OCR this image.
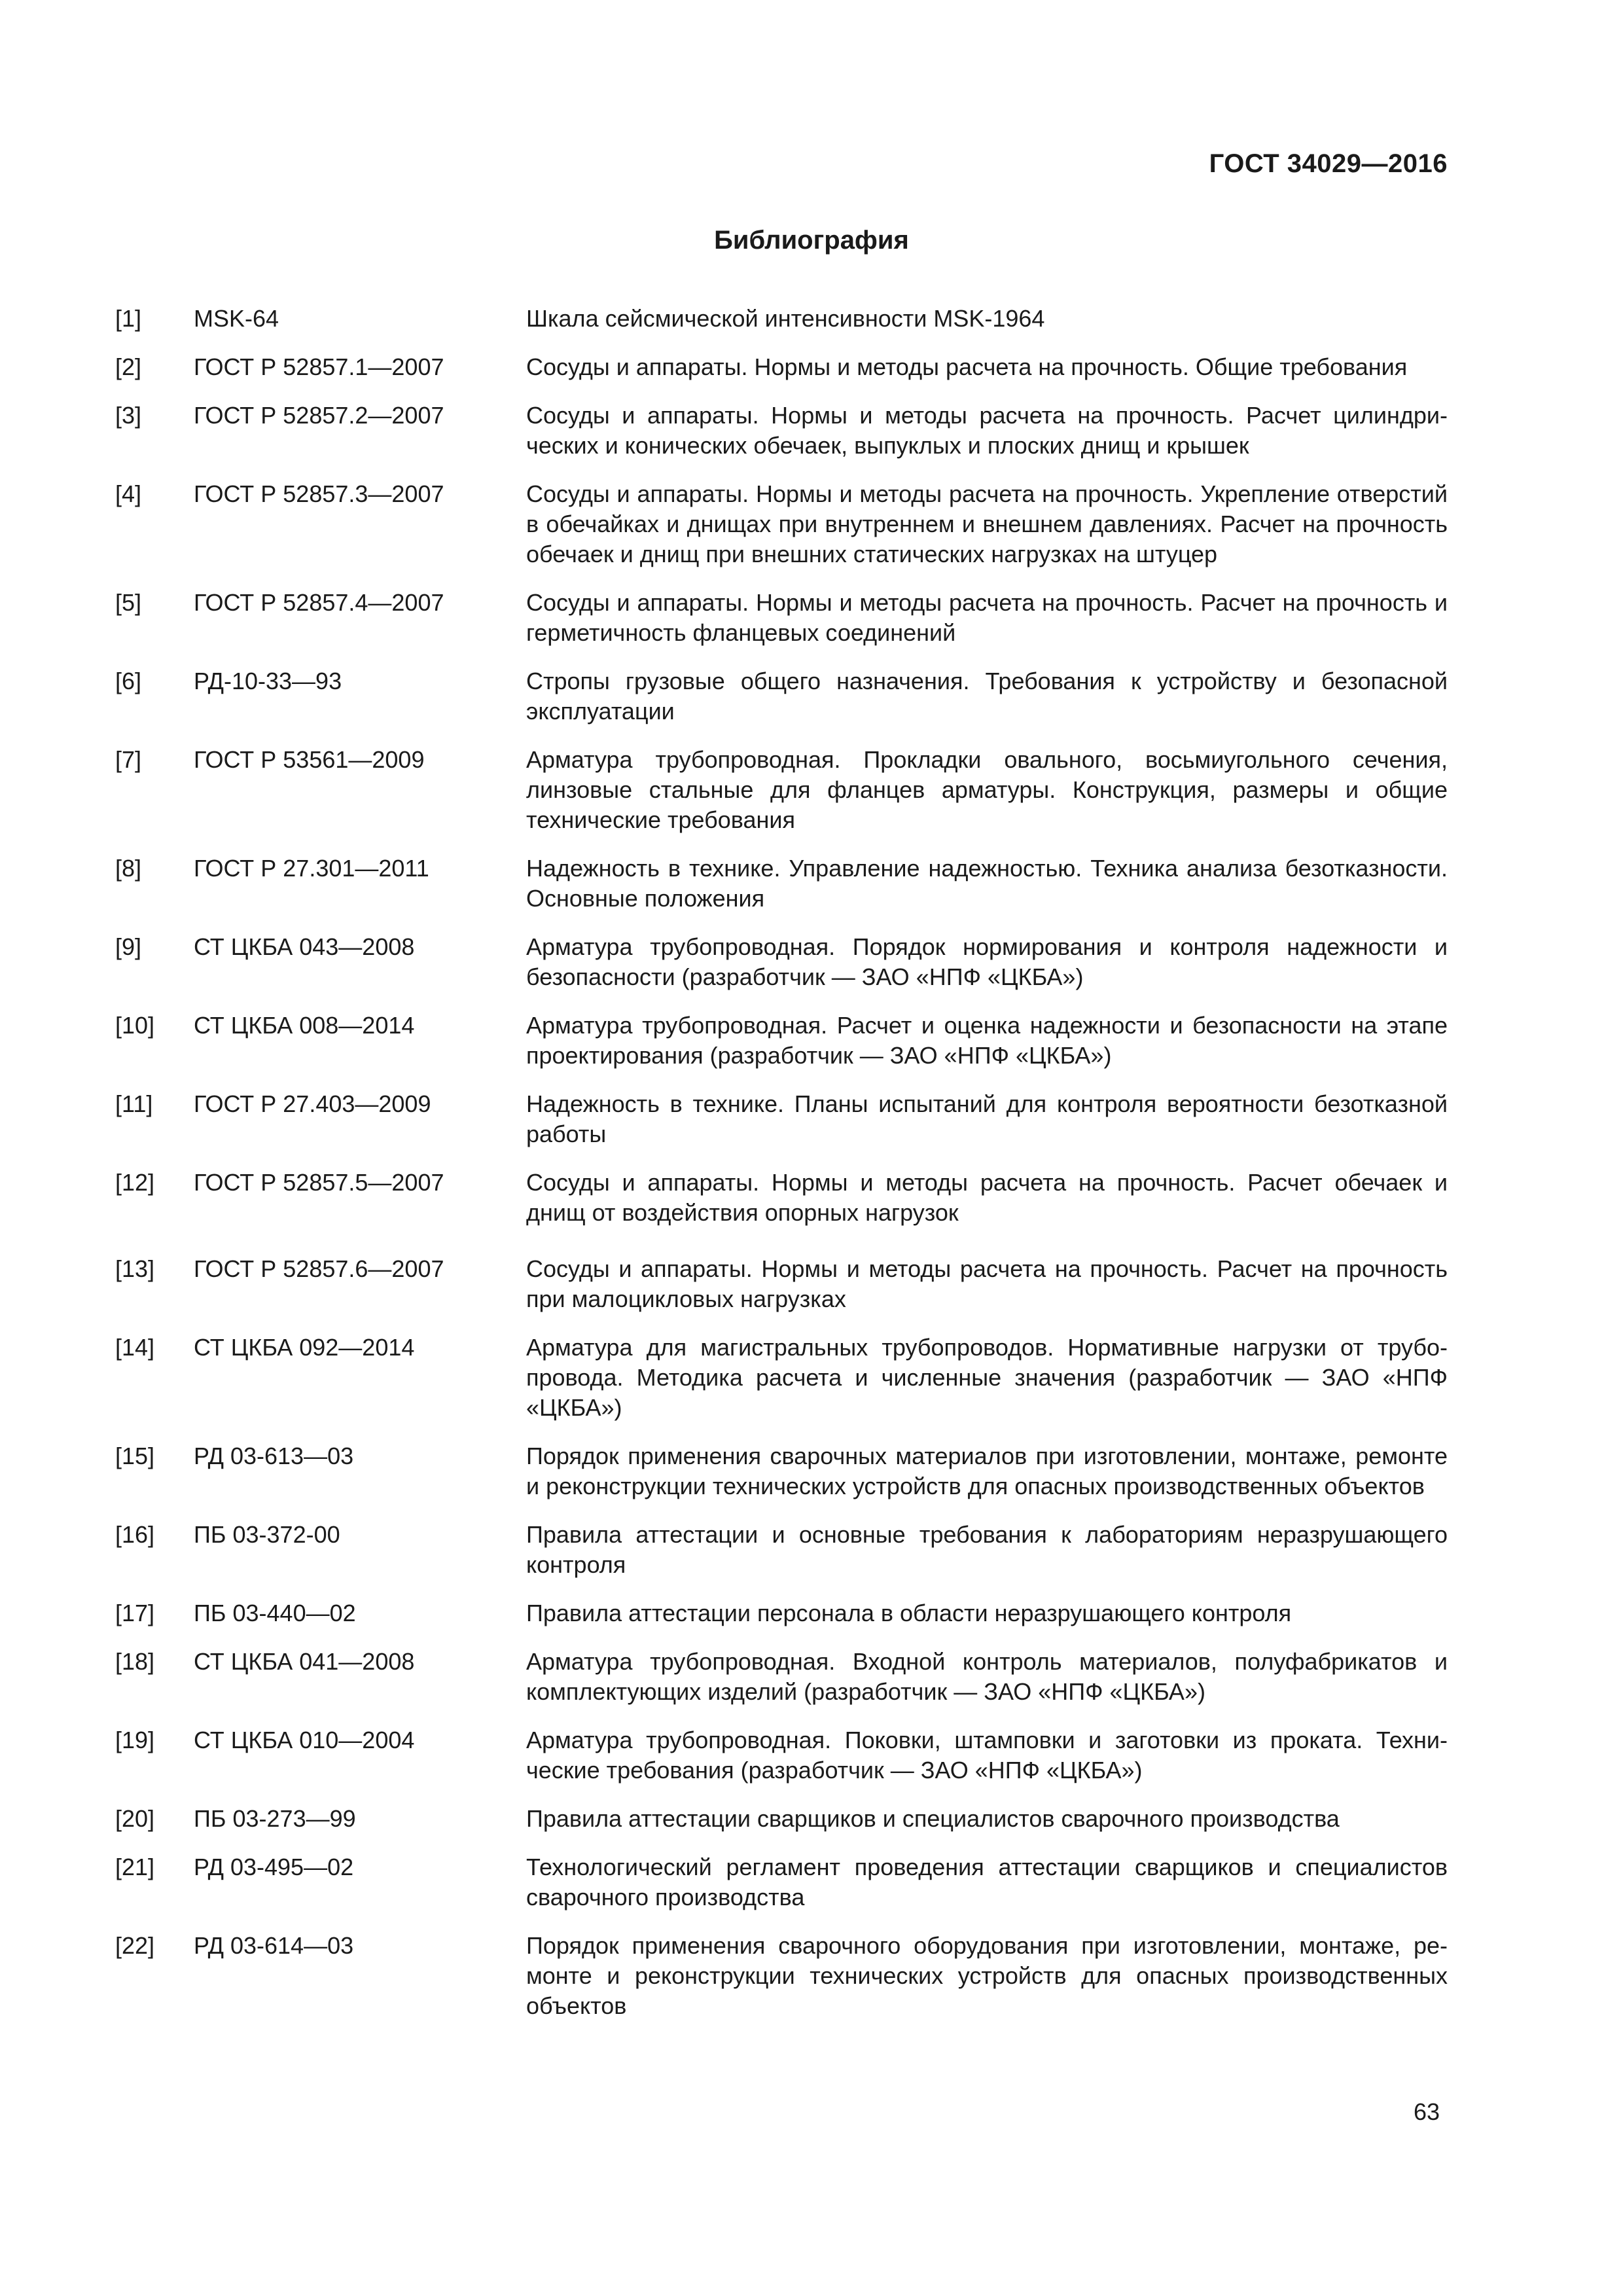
ГОСТ 34029—2016
Библиография
[1]	MSK-64	Шкала сейсмической интенсивности MSK-1964
[2]	ГОСТ Р 52857.1—2007	Сосуды и аппараты. Нормы и методы расчета на прочность. Общие требования
[3]	ГОСТ Р 52857.2—2007	Сосуды и аппараты. Нормы и методы расчета на прочность. Расчет цилиндрических и конических обечаек, выпуклых и плоских днищ и крышек
[4]	ГОСТ Р 52857.3—2007	Сосуды и аппараты. Нормы и методы расчета на прочность. Укрепление отверстий в обечайках и днищах при внутреннем и внешнем давлениях. Расчет на прочность обечаек и днищ при внешних статических нагрузках на штуцер
[5]	ГОСТ Р 52857.4—2007	Сосуды и аппараты. Нормы и методы расчета на прочность. Расчет на прочность и герметичность фланцевых соединений
[6]	РД-10-33—93	Стропы грузовые общего назначения. Требования к устройству и безопасной эксплуатации
[7]	ГОСТ Р 53561—2009	Арматура трубопроводная. Прокладки овального, восьмиугольного сечения, линзовые стальные для фланцев арматуры. Конструкция, размеры и общие технические требования
[8]	ГОСТ Р 27.301—2011	Надежность в технике. Управление надежностью. Техника анализа безотказности. Основные положения
[9]	СТ ЦКБА 043—2008	Арматура трубопроводная. Порядок нормирования и контроля надежности и безопасности (разработчик — ЗАО «НПФ «ЦКБА»)
[10]	СТ ЦКБА 008—2014	Арматура трубопроводная. Расчет и оценка надежности и безопасности на этапе проектирования (разработчик — ЗАО «НПФ «ЦКБА»)
[11]	ГОСТ Р 27.403—2009	Надежность в технике. Планы испытаний для контроля вероятности безотказной работы
[12]	ГОСТ Р 52857.5—2007	Сосуды и аппараты. Нормы и методы расчета на прочность. Расчет обечаек и днищ от воздействия опорных нагрузок
[13]	ГОСТ Р 52857.6—2007	Сосуды и аппараты. Нормы и методы расчета на прочность. Расчет на прочность при малоцикловых нагрузках
[14]	СТ ЦКБА 092—2014	Арматура для магистральных трубопроводов. Нормативные нагрузки от трубопровода. Методика расчета и численные значения (разработчик — ЗАО «НПФ «ЦКБА»)
[15]	РД 03-613—03	Порядок применения сварочных материалов при изготовлении, монтаже, ремонте и реконструкции технических устройств для опасных производственных объектов
[16]	ПБ 03-372-00	Правила аттестации и основные требования к лабораториям неразрушающего контроля
[17]	ПБ 03-440—02	Правила аттестации персонала в области неразрушающего контроля
[18]	СТ ЦКБА 041—2008	Арматура трубопроводная. Входной контроль материалов, полуфабрикатов и комплектующих изделий (разработчик — ЗАО «НПФ «ЦКБА»)
[19]	СТ ЦКБА 010—2004	Арматура трубопроводная. Поковки, штамповки и заготовки из проката. Технические требования (разработчик — ЗАО «НПФ «ЦКБА»)
[20]	ПБ 03-273—99	Правила аттестации сварщиков и специалистов сварочного производства
[21]	РД 03-495—02	Технологический регламент проведения аттестации сварщиков и специалистов сварочного производства
[22]	РД 03-614—03	Порядок применения сварочного оборудования при изготовлении, монтаже, ремонте и реконструкции технических устройств для опасных производственных объектов
63
